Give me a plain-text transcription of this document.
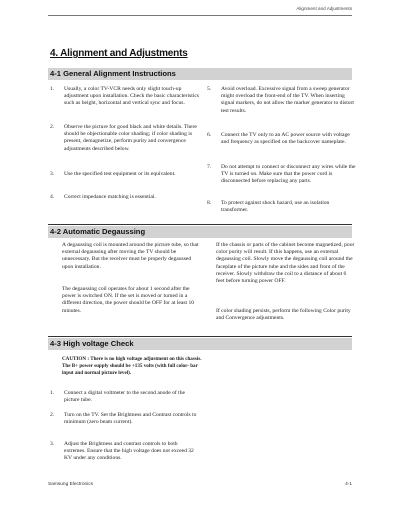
Alignment and Adjustments
4. Alignment and Adjustments
4-1 General Alignment Instructions
1. Usually, a color TV-VCR needs only slight touch-up adjustment upon installation. Check the basic characteristics such as height, horizontal and vertical sync and focus.
2. Observe the picture for good black and white details. There should be objectionable color shading; if color shading is present, demagnetize, perform purity and convergence adjustments described below.
3. Use the specified test equipment or its equivalent.
4. Correct impedance matching is essential.
5. Avoid overload. Excessive signal from a sweep generator might overload the front-end of the TV. When inserting signal markers, do not allow the marker generator to distort test results.
6. Connect the TV only to an AC power source with voltage and frequency as specified on the backcover nameplate.
7. Do not attempt to connect or disconnect any wires while the TV is turned on. Make sure that the power cord is disconnected before replacing any parts.
8. To protect against shock hazard, use an isolation transformer.
4-2 Automatic Degaussing

A degaussing coil is mounted around the picture tube, so that external degaussing after moving the TV should be unnecessary. But the receiver must be properly degaussed upon installation.

The degaussing coil operates for about 1 second after the power is switched ON. If the set is moved or turned in a different direction, the power should be OFF for at least 10 minutes.

If the chassis or parts of the cabinet become magnetized, poor color purity will result. If this happens, use an external degaussing coil. Slowly move the degaussing coil around the faceplate of the picture tube and the sides and front of the receiver. Slowly withdraw the coil to a distance of about 6 feet before turning power OFF.

If color shading persists, perform the following Color purity and Convergence adjustments.

4-3 High voltage Check
CAUTION : There is no high voltage adjustment on this chassis. The B+ power supply should be +135 volts (with full color- bar input and normal picture level).
1. Connect a digital voltmeter to the second anode of the picture tube.
2. Turn on the TV. Set the Brightness and Contrast controls to minimum (zero beam current).
3. Adjust the Brightness and contrast controls to both extremes. Ensure that the high voltage does not exceed 32 KV under any conditions.
Samsung Electronics	4-1
